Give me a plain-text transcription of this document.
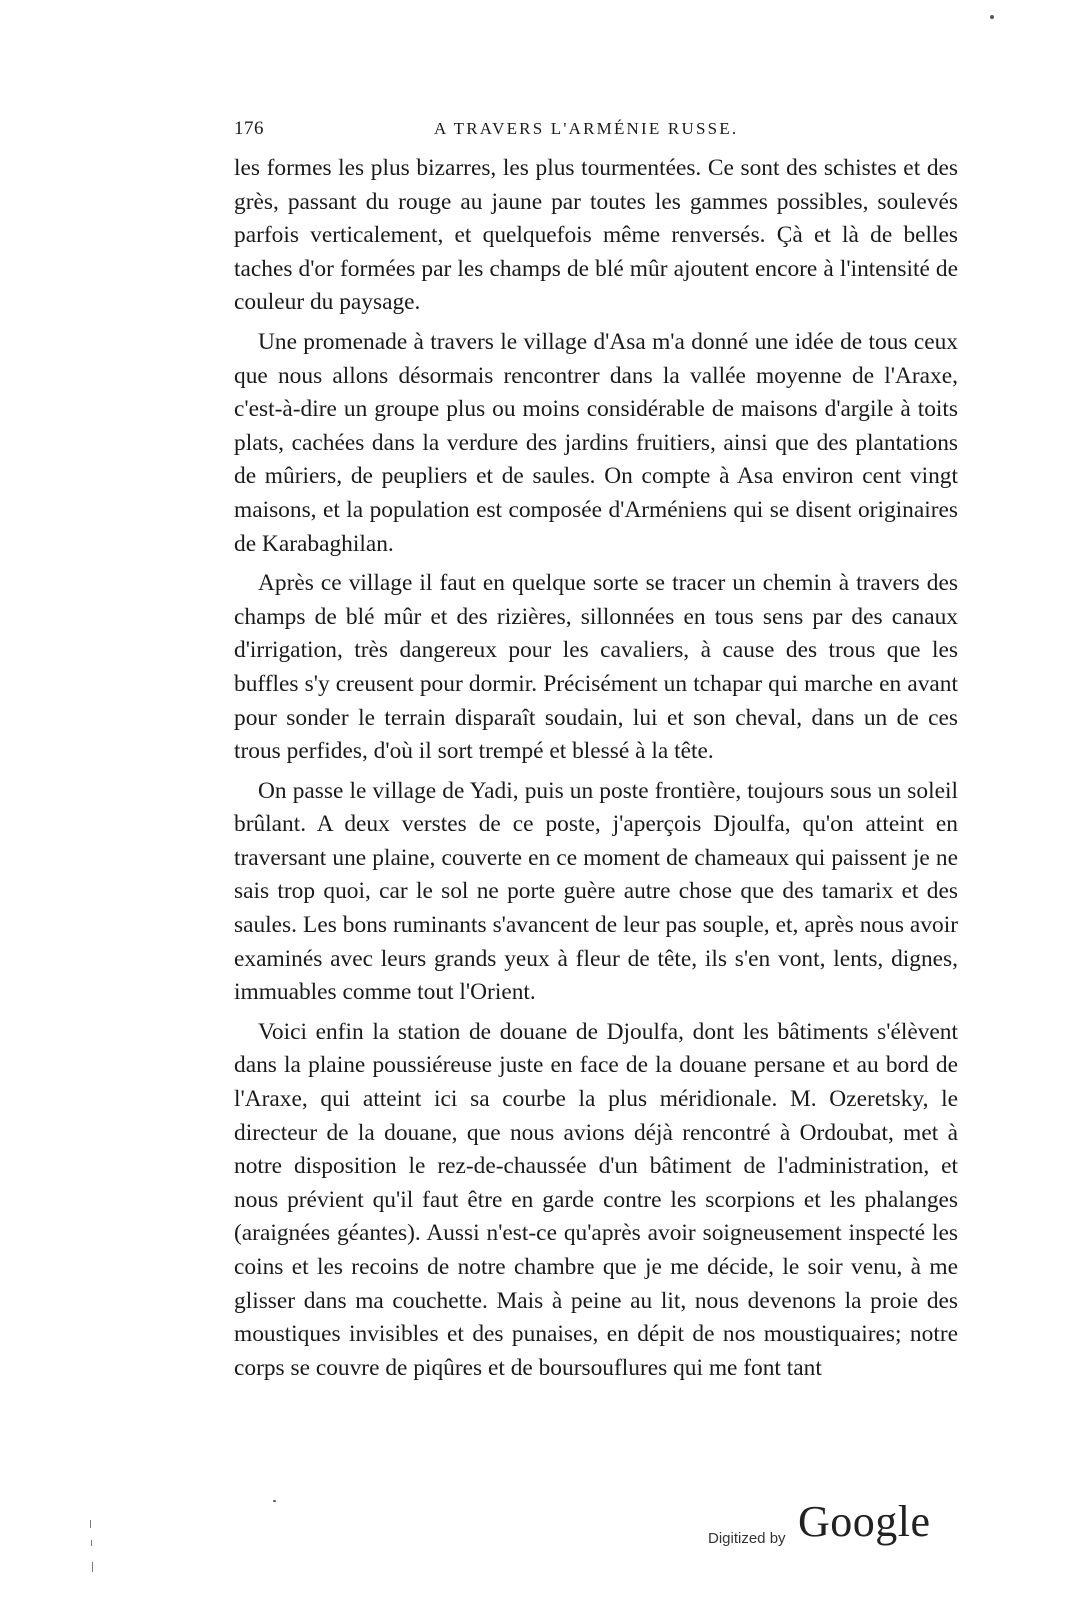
176	A TRAVERS L'ARMÉNIE RUSSE.

les formes les plus bizarres, les plus tourmentées. Ce sont des schistes et des grès, passant du rouge au jaune par toutes les gammes possibles, soulevés parfois verticalement, et quelquefois même renversés. Çà et là de belles taches d'or formées par les champs de blé mûr ajoutent encore à l'intensité de couleur du paysage.

Une promenade à travers le village d'Asa m'a donné une idée de tous ceux que nous allons désormais rencontrer dans la vallée moyenne de l'Araxe, c'est-à-dire un groupe plus ou moins considérable de maisons d'argile à toits plats, cachées dans la verdure des jardins fruitiers, ainsi que des plantations de mûriers, de peupliers et de saules. On compte à Asa environ cent vingt maisons, et la population est composée d'Arméniens qui se disent originaires de Karabaghilan.

Après ce village il faut en quelque sorte se tracer un chemin à travers des champs de blé mûr et des rizières, sillonnées en tous sens par des canaux d'irrigation, très dangereux pour les cavaliers, à cause des trous que les buffles s'y creusent pour dormir. Précisément un tchapar qui marche en avant pour sonder le terrain disparaît soudain, lui et son cheval, dans un de ces trous perfides, d'où il sort trempé et blessé à la tête.

On passe le village de Yadi, puis un poste frontière, toujours sous un soleil brûlant. A deux verstes de ce poste, j'aperçois Djoulfa, qu'on atteint en traversant une plaine, couverte en ce moment de chameaux qui paissent je ne sais trop quoi, car le sol ne porte guère autre chose que des tamarix et des saules. Les bons ruminants s'avancent de leur pas souple, et, après nous avoir examinés avec leurs grands yeux à fleur de tête, ils s'en vont, lents, dignes, immuables comme tout l'Orient.

Voici enfin la station de douane de Djoulfa, dont les bâtiments s'élèvent dans la plaine poussiéreuse juste en face de la douane persane et au bord de l'Araxe, qui atteint ici sa courbe la plus méridionale. M. Ozeretsky, le directeur de la douane, que nous avions déjà rencontré à Ordoubat, met à notre disposition le rez-de-chaussée d'un bâtiment de l'administration, et nous prévient qu'il faut être en garde contre les scorpions et les phalanges (araignées géantes). Aussi n'est-ce qu'après avoir soigneusement inspecté les coins et les recoins de notre chambre que je me décide, le soir venu, à me glisser dans ma couchette. Mais à peine au lit, nous devenons la proie des moustiques invisibles et des punaises, en dépit de nos moustiquaires; notre corps se couvre de piqûres et de boursouflures qui me font tant

Digitized by Google
